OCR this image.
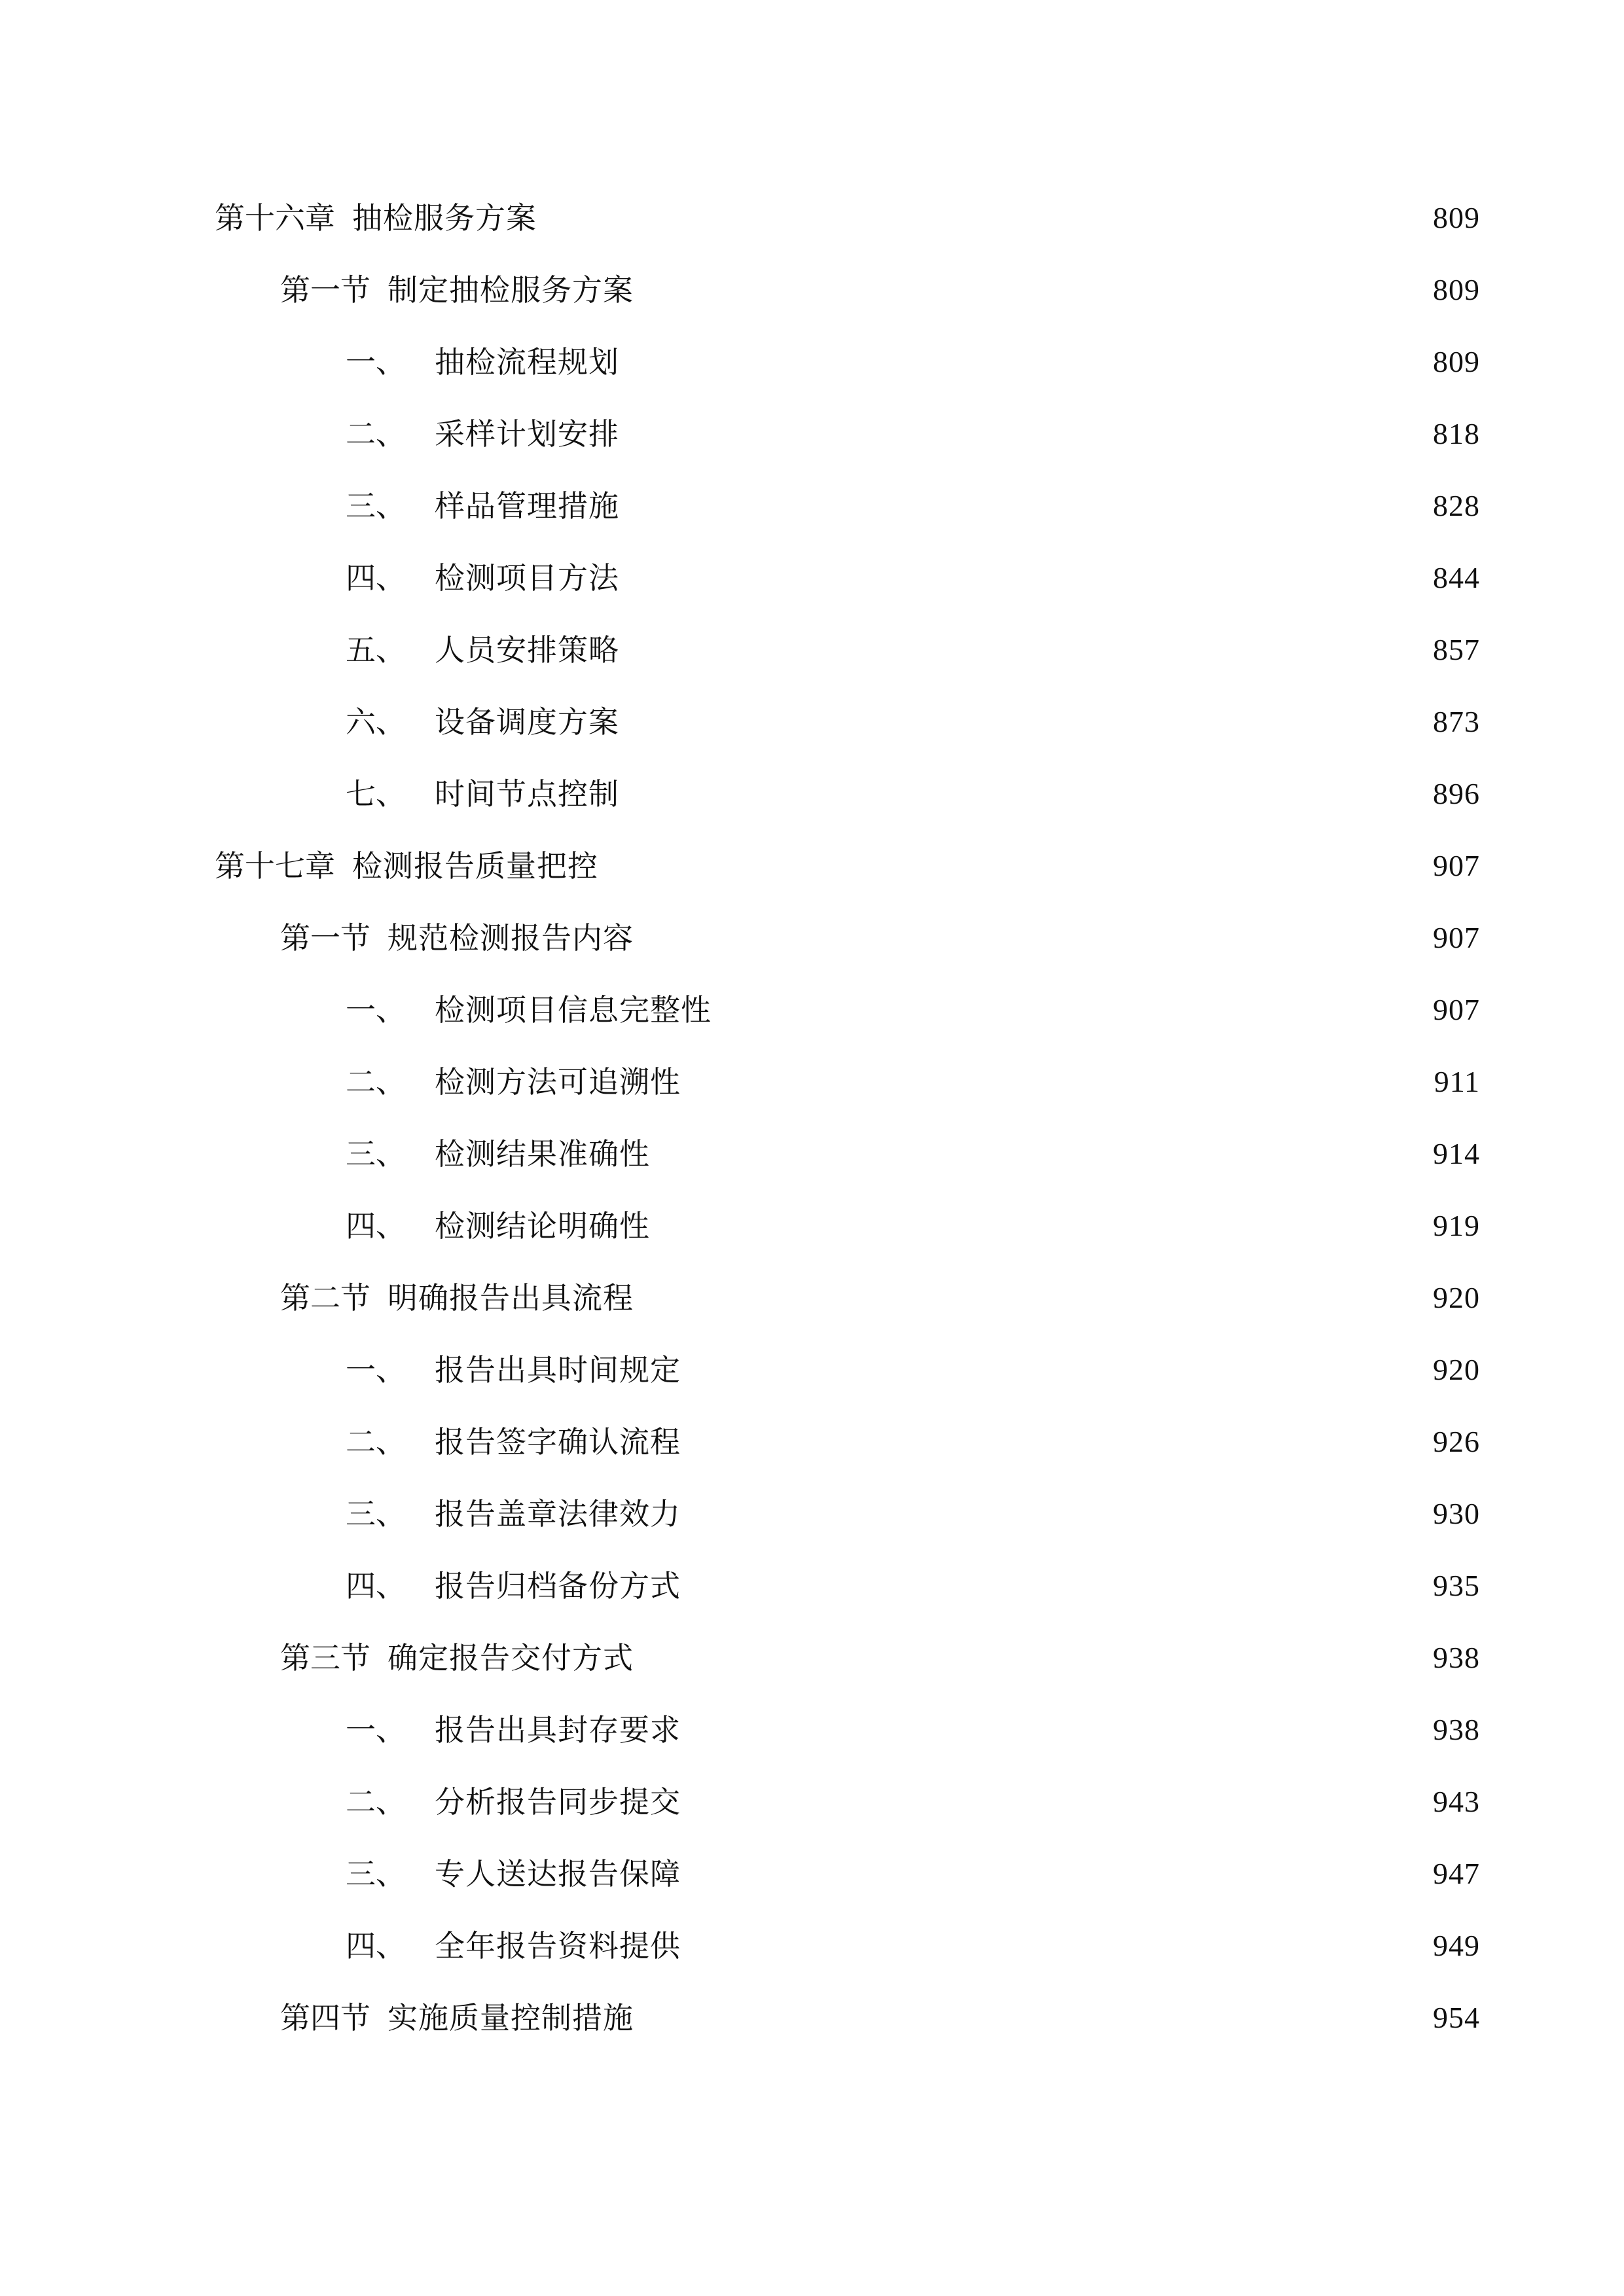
第十六章 抽检服务方案	809
第一节 制定抽检服务方案	809
一、 抽检流程规划	809
二、 采样计划安排	818
三、 样品管理措施	828
四、 检测项目方法	844
五、 人员安排策略	857
六、 设备调度方案	873
七、 时间节点控制	896
第十七章 检测报告质量把控	907
第一节 规范检测报告内容	907
一、 检测项目信息完整性	907
二、 检测方法可追溯性	911
三、 检测结果准确性	914
四、 检测结论明确性	919
第二节 明确报告出具流程	920
一、 报告出具时间规定	920
二、 报告签字确认流程	926
三、 报告盖章法律效力	930
四、 报告归档备份方式	935
第三节 确定报告交付方式	938
一、 报告出具封存要求	938
二、 分析报告同步提交	943
三、 专人送达报告保障	947
四、 全年报告资料提供	949
第四节 实施质量控制措施	954
